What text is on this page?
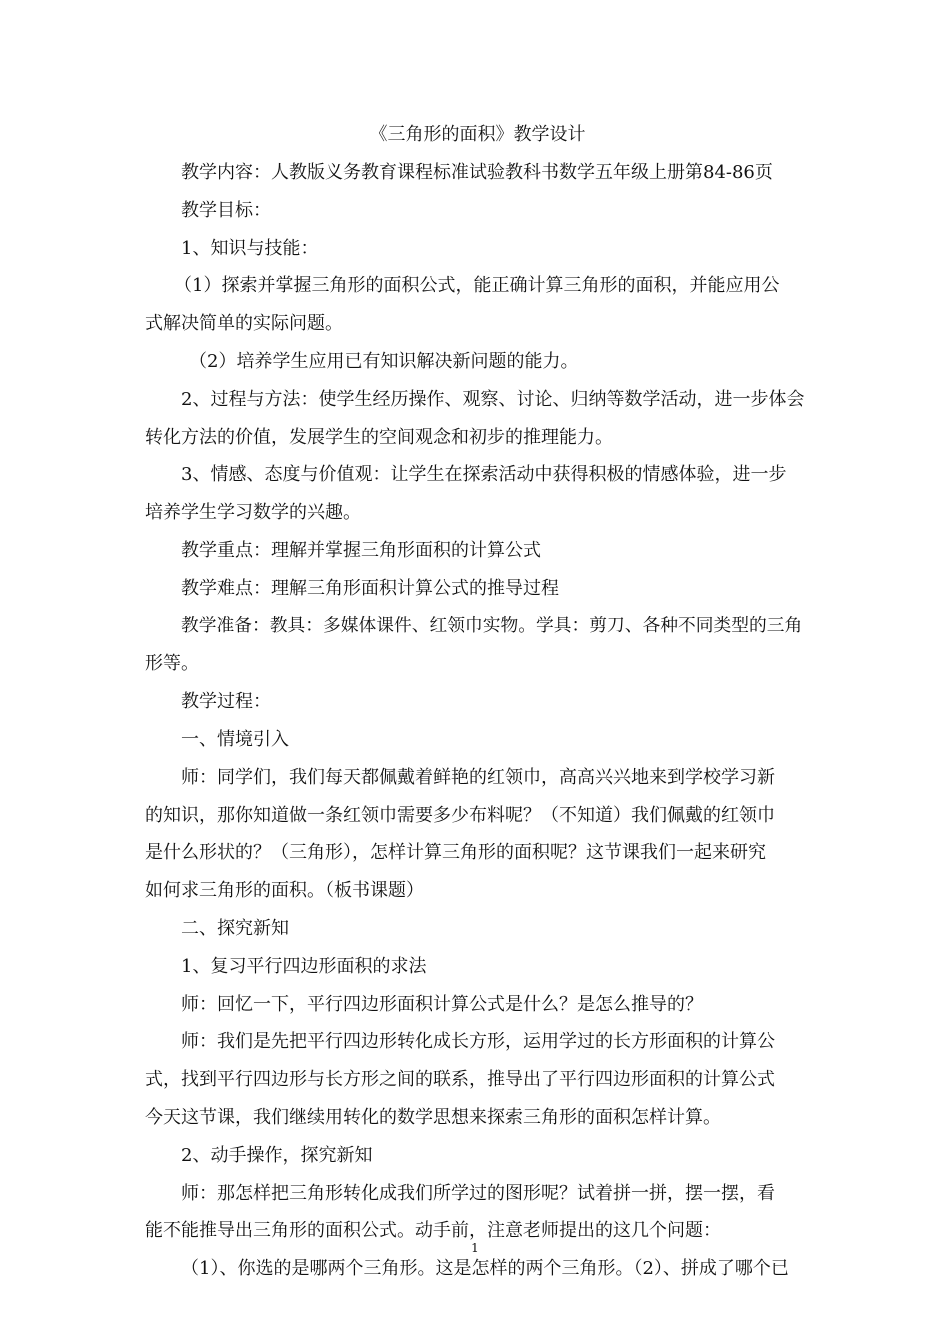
《三角形的面积》教学设计

教学内容：人教版义务教育课程标准试验教科书数学五年级上册第84-86页

教学目标：

1、知识与技能：

（1）探索并掌握三角形的面积公式，能正确计算三角形的面积，并能应用公

式解决简单的实际问题。

（2）培养学生应用已有知识解决新问题的能力。

2、过程与方法：使学生经历操作、观察、讨论、归纳等数学活动，进一步体会

转化方法的价值，发展学生的空间观念和初步的推理能力。

3、情感、态度与价值观：让学生在探索活动中获得积极的情感体验，进一步

培养学生学习数学的兴趣。

教学重点：理解并掌握三角形面积的计算公式

教学难点：理解三角形面积计算公式的推导过程

教学准备：教具：多媒体课件、红领巾实物。学具：剪刀、各种不同类型的三角

形等。

教学过程：

一、情境引入

师：同学们，我们每天都佩戴着鲜艳的红领巾，高高兴兴地来到学校学习新

的知识，那你知道做一条红领巾需要多少布料呢？（不知道）我们佩戴的红领巾

是什么形状的？（三角形），怎样计算三角形的面积呢？这节课我们一起来研究

如何求三角形的面积。（板书课题）

二、探究新知

1、复习平行四边形面积的求法

师：回忆一下，平行四边形面积计算公式是什么？是怎么推导的？

师：我们是先把平行四边形转化成长方形，运用学过的长方形面积的计算公

式，找到平行四边形与长方形之间的联系，推导出了平行四边形面积的计算公式

今天这节课，我们继续用转化的数学思想来探索三角形的面积怎样计算。

2、动手操作，探究新知

师：那怎样把三角形转化成我们所学过的图形呢？试着拼一拼，摆一摆，看

能不能推导出三角形的面积公式。动手前，注意老师提出的这几个问题：

（1）、你选的是哪两个三角形。这是怎样的两个三角形。（2）、拼成了哪个已

1
